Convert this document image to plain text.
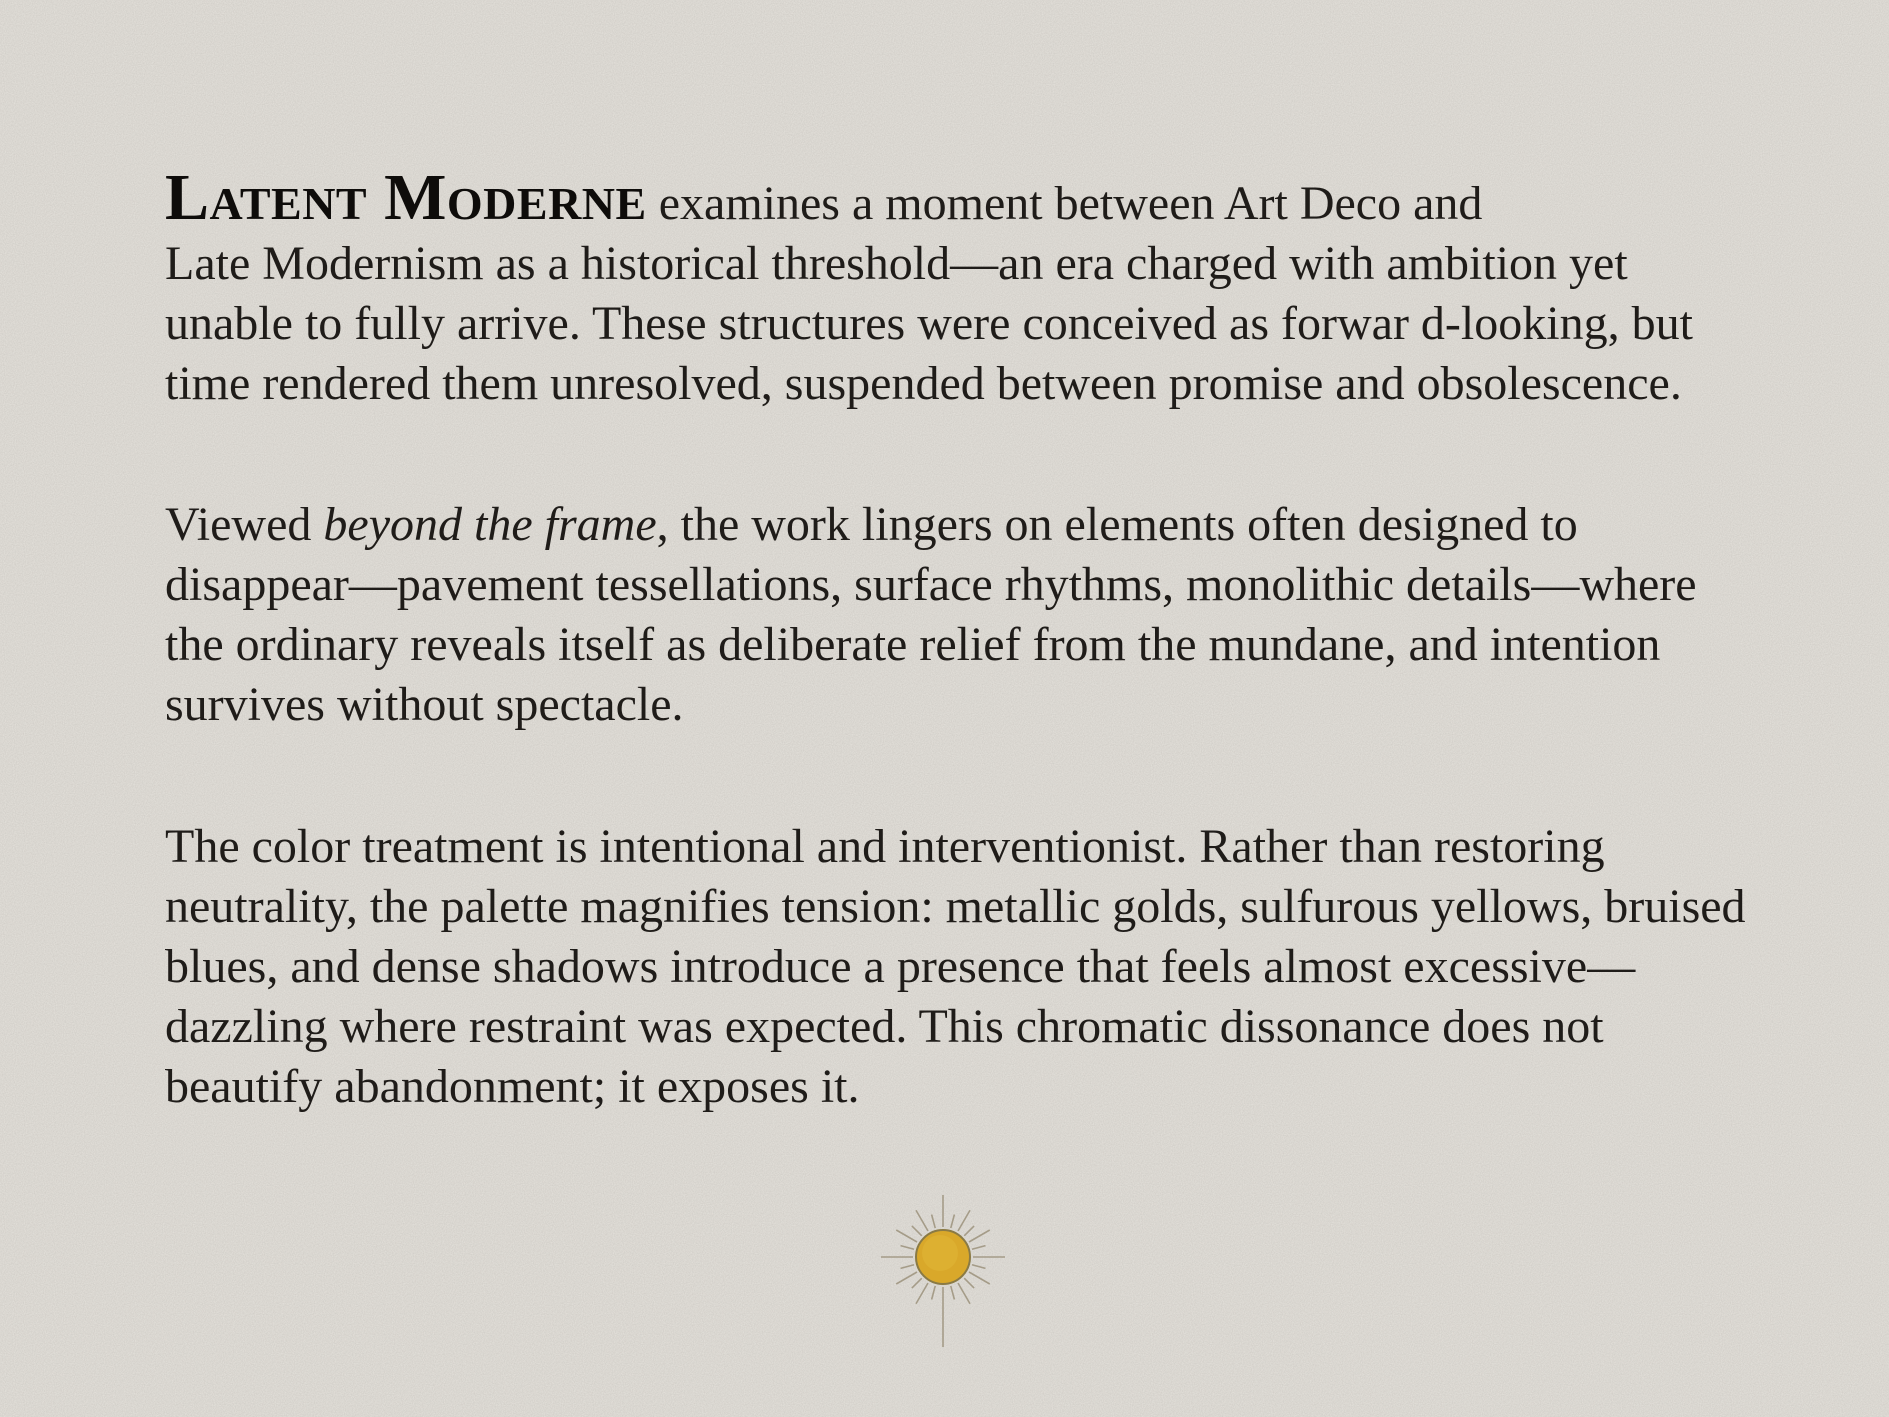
Latent Moderne examines a moment between Art Deco and
Late Modernism as a historical threshold—an era charged with ambition yet
unable to fully arrive. These structures were conceived as forwar d-looking, but
time rendered them unresolved, suspended between promise and obsolescence.
Viewed beyond the frame, the work lingers on elements often designed to
disappear—pavement tessellations, surface rhythms, monolithic details—where
the ordinary reveals itself as deliberate relief from the mundane, and intention
survives without spectacle.
The color treatment is intentional and interventionist. Rather than restoring
neutrality, the palette magnifies tension: metallic golds, sulfurous yellows, bruised
blues, and dense shadows introduce a presence that feels almost excessive—
dazzling where restraint was expected. This chromatic dissonance does not
beautify abandonment; it exposes it.
